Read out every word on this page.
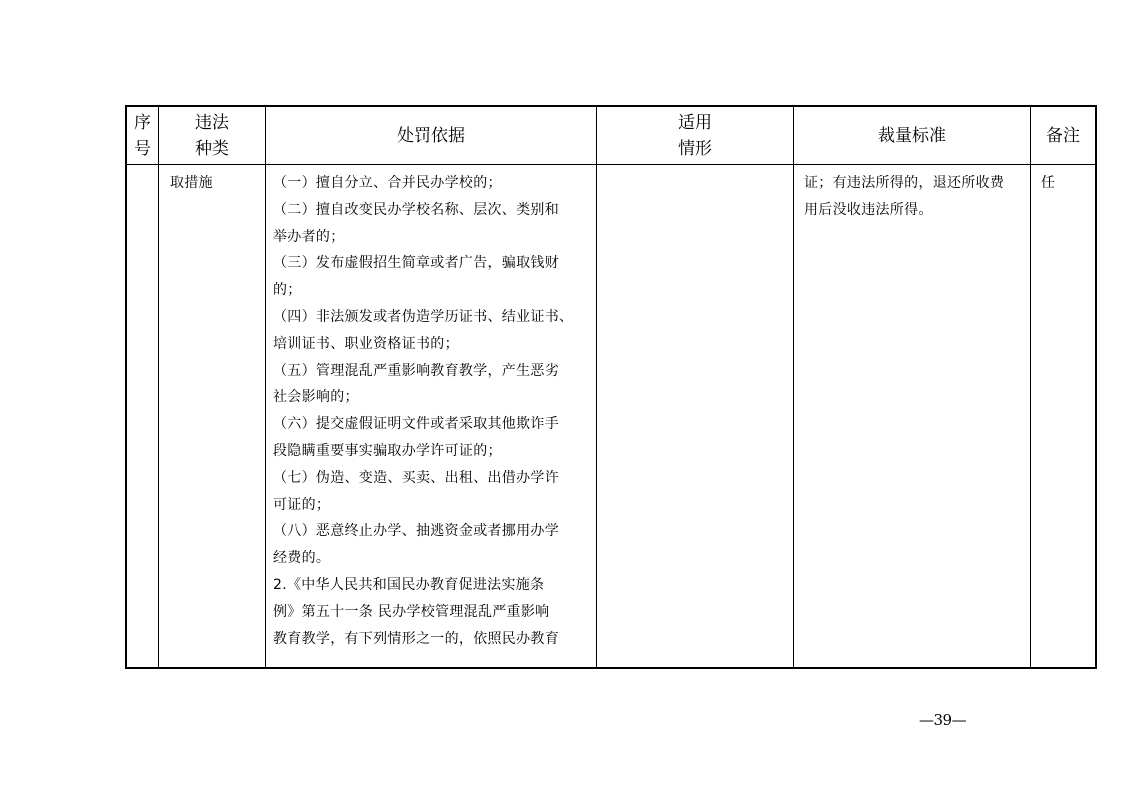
序
号
违法
种类
处罚依据
适用
情形
裁量标准	备注

取措施	（一）擅自分立、合并民办学校的；

（二）擅自改变民办学校名称、层次、类别和

举办者的；

（三）发布虚假招生简章或者广告，骗取钱财

的；

（四）非法颁发或者伪造学历证书、结业证书、

培训证书、职业资格证书的；

（五）管理混乱严重影响教育教学，产生恶劣

社会影响的；

（六）提交虚假证明文件或者采取其他欺诈手

段隐瞒重要事实骗取办学许可证的；

（七）伪造、变造、买卖、出租、出借办学许

可证的；

（八）恶意终止办学、抽逃资金或者挪用办学

经费的。

2.《中华人民共和国民办教育促进法实施条

例》第五十一条 民办学校管理混乱严重影响

教育教学，有下列情形之一的，依照民办教育

证；有违法所得的，退还所收费

用后没收违法所得。

任

—39—
